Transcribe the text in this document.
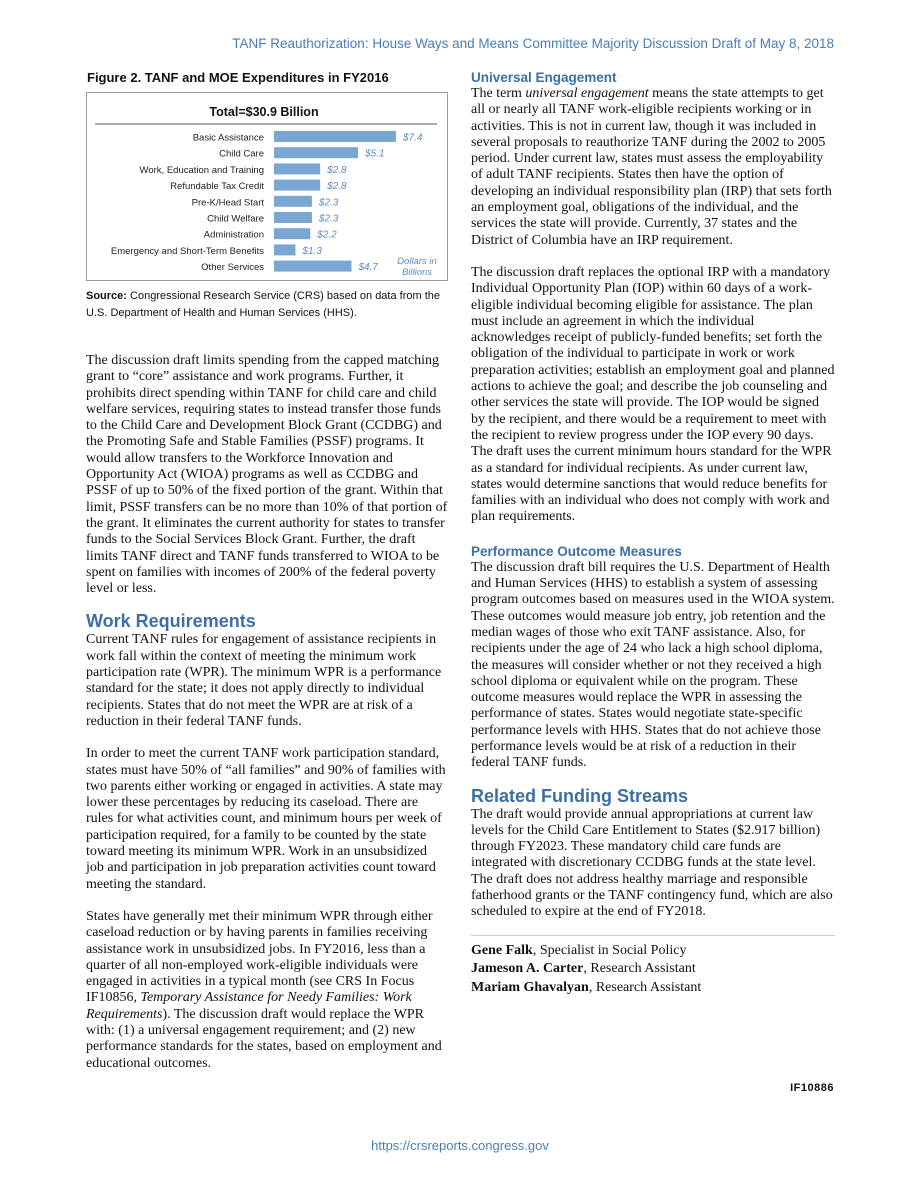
TANF Reauthorization: House Ways and Means Committee Majority Discussion Draft of May 8, 2018
Figure 2. TANF and MOE Expenditures in FY2016
Total=$30.9 Billion
Basic Assistance	$7.4
Child Care	$5.1
Work, Education and Training	$2.8
Refundable Tax Credit	$2.8
Pre-K/Head Start	$2.3
Child Welfare	$2.3
Administration	$2.2
Emergency and Short-Term Benefits	$1.3
Other Services	$4.7
Dollars in
Billions
Source: Congressional Research Service (CRS) based on data from the U.S. Department of Health and Human Services (HHS).

The discussion draft limits spending from the capped matching grant to “core” assistance and work programs. Further, it prohibits direct spending within TANF for child care and child welfare services, requiring states to instead transfer those funds to the Child Care and Development Block Grant (CCDBG) and the Promoting Safe and Stable Families (PSSF) programs. It would allow transfers to the Workforce Innovation and Opportunity Act (WIOA) programs as well as CCDBG and PSSF of up to 50% of the fixed portion of the grant. Within that limit, PSSF transfers can be no more than 10% of that portion of the grant. It eliminates the current authority for states to transfer funds to the Social Services Block Grant. Further, the draft limits TANF direct and TANF funds transferred to WIOA to be spent on families with incomes of 200% of the federal poverty level or less.

Work Requirements

Current TANF rules for engagement of assistance recipients in work fall within the context of meeting the minimum work participation rate (WPR). The minimum WPR is a performance standard for the state; it does not apply directly to individual recipients. States that do not meet the WPR are at risk of a reduction in their federal TANF funds.

In order to meet the current TANF work participation standard, states must have 50% of “all families” and 90% of families with two parents either working or engaged in activities. A state may lower these percentages by reducing its caseload. There are rules for what activities count, and minimum hours per week of participation required, for a family to be counted by the state toward meeting its minimum WPR. Work in an unsubsidized job and participation in job preparation activities count toward meeting the standard.

States have generally met their minimum WPR through either caseload reduction or by having parents in families receiving assistance work in unsubsidized jobs. In FY2016, less than a quarter of all non-employed work-eligible individuals were engaged in activities in a typical month (see CRS In Focus IF10856, Temporary Assistance for Needy Families: Work Requirements). The discussion draft would replace the WPR with: (1) a universal engagement requirement; and (2) new performance standards for the states, based on employment and educational outcomes.

Universal Engagement

The term universal engagement means the state attempts to get all or nearly all TANF work-eligible recipients working or in activities. This is not in current law, though it was included in several proposals to reauthorize TANF during the 2002 to 2005 period. Under current law, states must assess the employability of adult TANF recipients. States then have the option of developing an individual responsibility plan (IRP) that sets forth an employment goal, obligations of the individual, and the services the state will provide. Currently, 37 states and the District of Columbia have an IRP requirement.

The discussion draft replaces the optional IRP with a mandatory Individual Opportunity Plan (IOP) within 60 days of a work-eligible individual becoming eligible for assistance. The plan must include an agreement in which the individual acknowledges receipt of publicly-funded benefits; set forth the obligation of the individual to participate in work or work preparation activities; establish an employment goal and planned actions to achieve the goal; and describe the job counseling and other services the state will provide. The IOP would be signed by the recipient, and there would be a requirement to meet with the recipient to review progress under the IOP every 90 days. The draft uses the current minimum hours standard for the WPR as a standard for individual recipients. As under current law, states would determine sanctions that would reduce benefits for families with an individual who does not comply with work and plan requirements.

Performance Outcome Measures

The discussion draft bill requires the U.S. Department of Health and Human Services (HHS) to establish a system of assessing program outcomes based on measures used in the WIOA system. These outcomes would measure job entry, job retention and the median wages of those who exit TANF assistance. Also, for recipients under the age of 24 who lack a high school diploma, the measures will consider whether or not they received a high school diploma or equivalent while on the program. These outcome measures would replace the WPR in assessing the performance of states. States would negotiate state-specific performance levels with HHS. States that do not achieve those performance levels would be at risk of a reduction in their federal TANF funds.

Related Funding Streams

The draft would provide annual appropriations at current law levels for the Child Care Entitlement to States ($2.917 billion) through FY2023. These mandatory child care funds are integrated with discretionary CCDBG funds at the state level. The draft does not address healthy marriage and responsible fatherhood grants or the TANF contingency fund, which are also scheduled to expire at the end of FY2018.

Gene Falk, Specialist in Social Policy
Jameson A. Carter, Research Assistant
Mariam Ghavalyan, Research Assistant
IF10886
https://crsreports.congress.gov
